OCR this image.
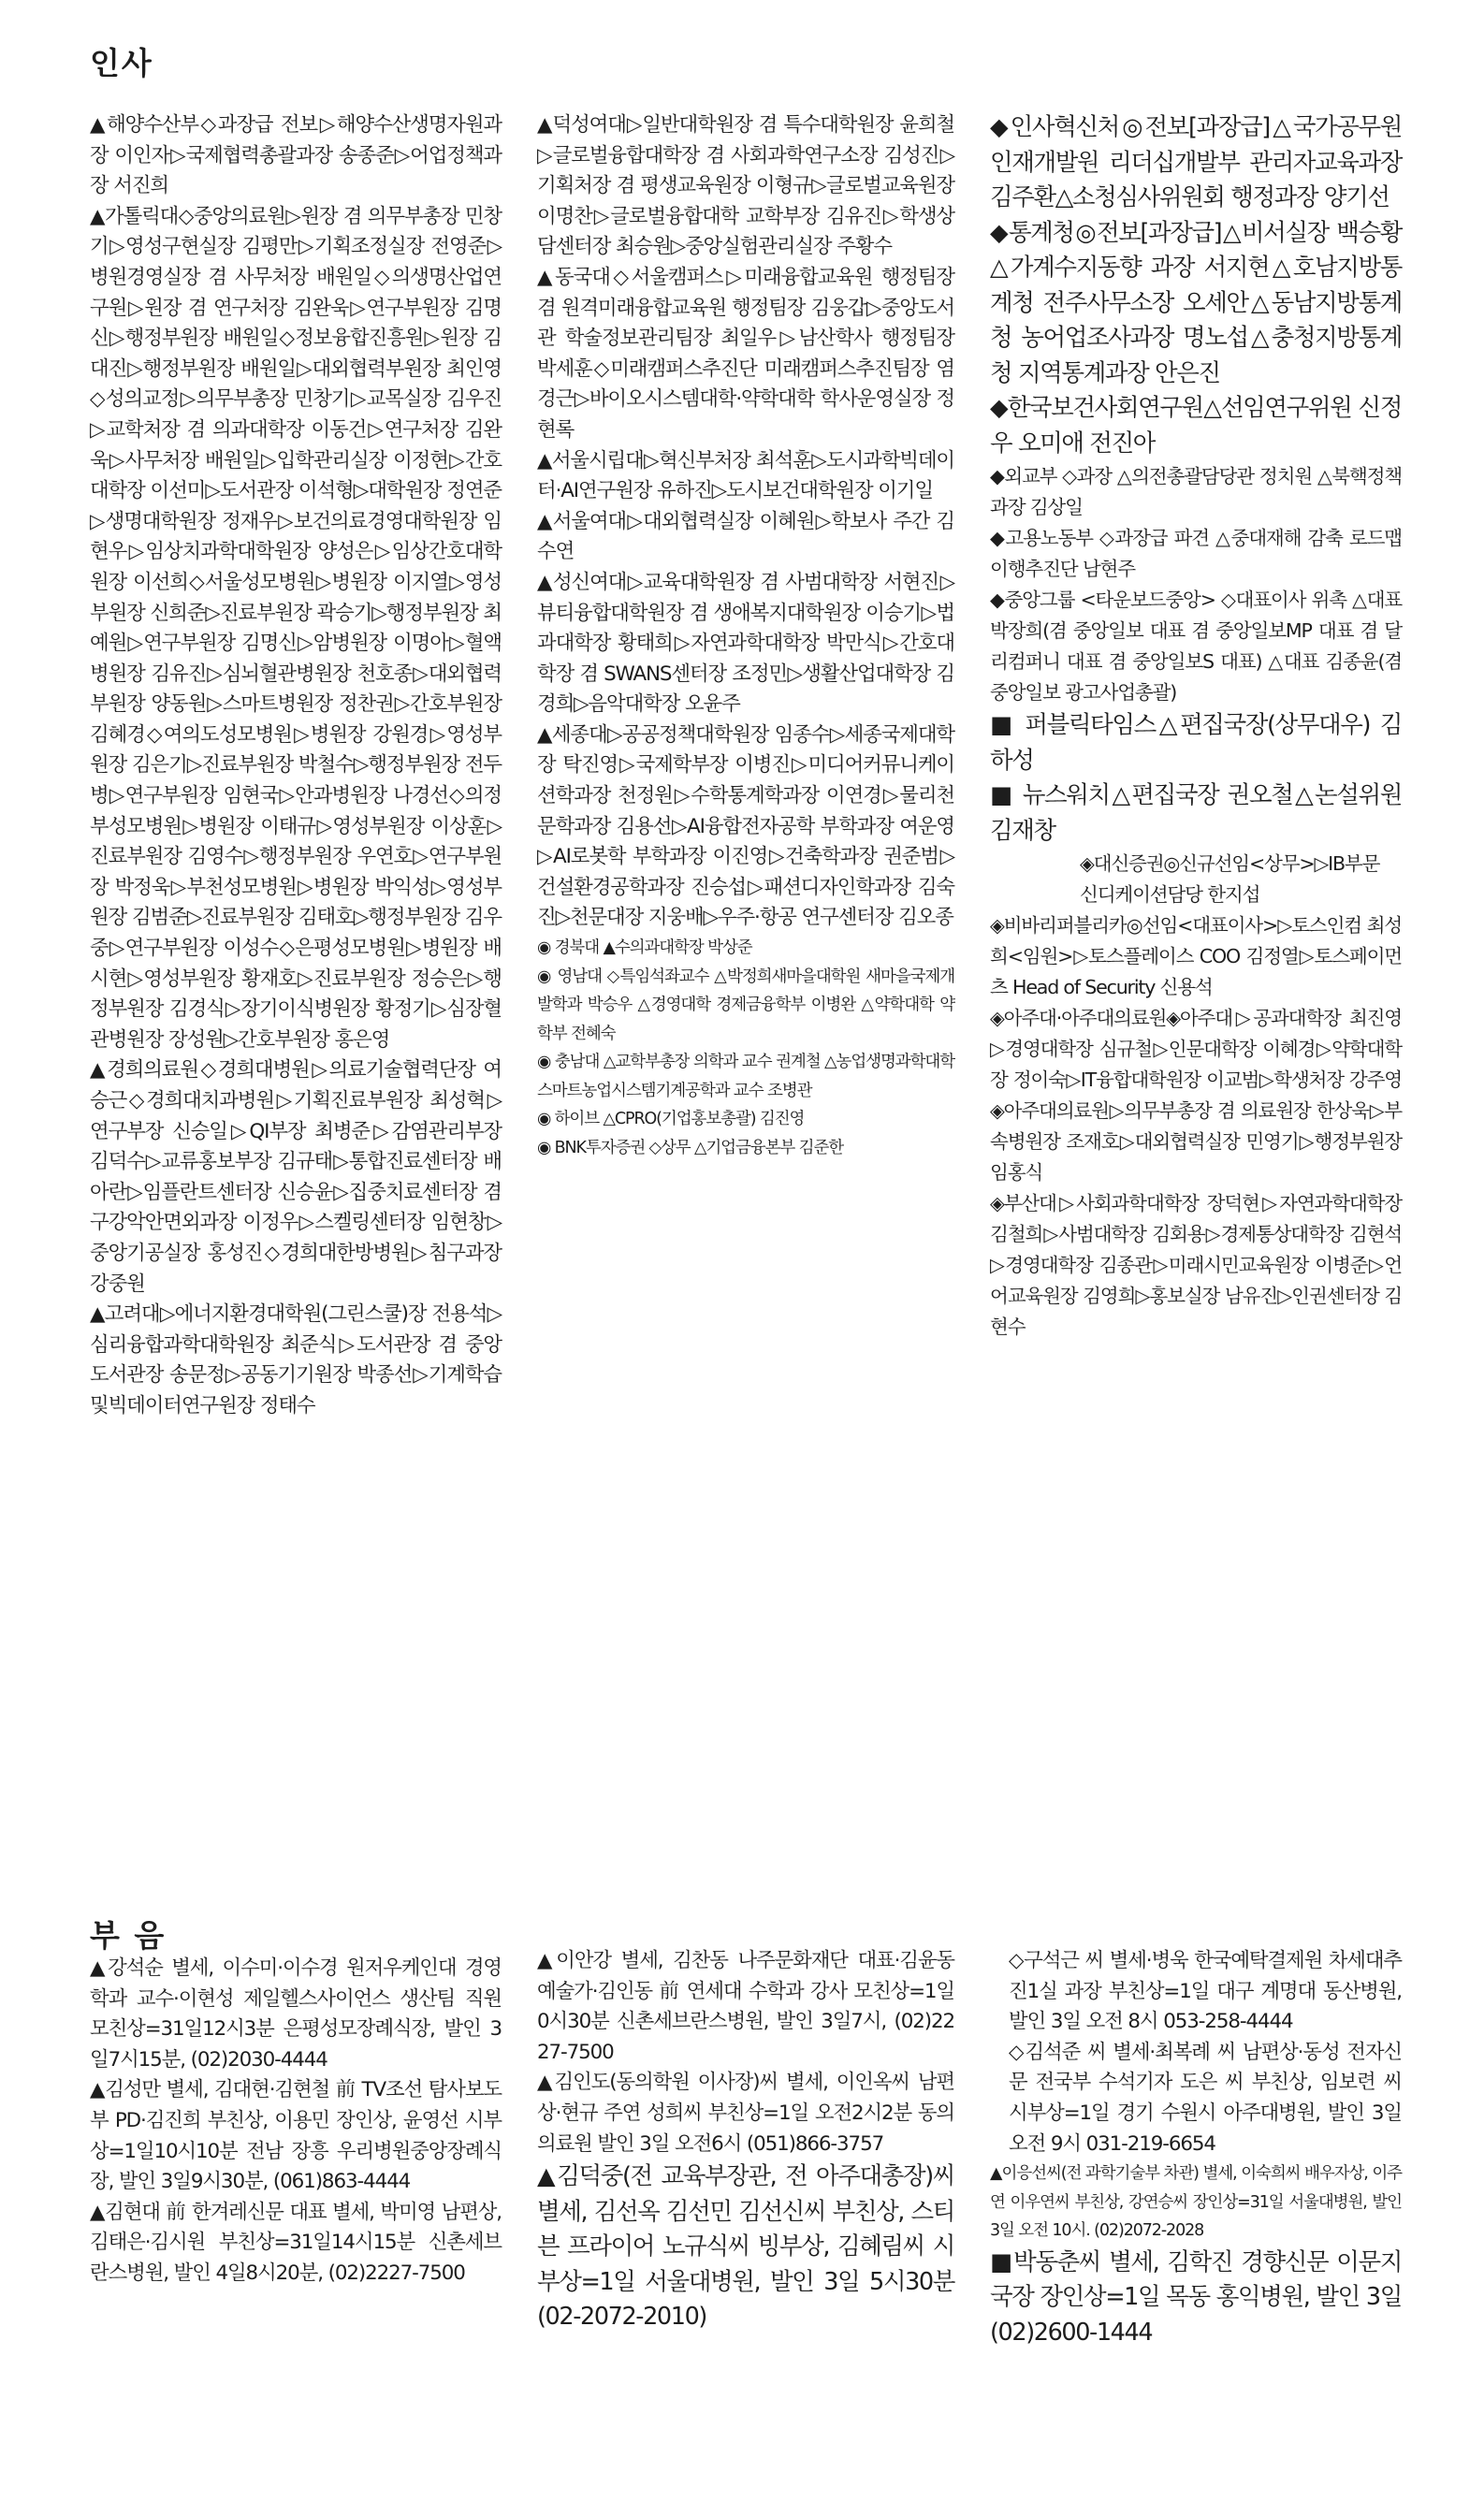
인사

▲해양수산부◇과장급 전보▷해양수산생명자원과장 이인자▷국제협력총괄과장 송종준▷어업정책과장 서진희

▲가톨릭대◇중앙의료원▷원장 겸 의무부총장 민창기▷영성구현실장 김평만▷기획조정실장 전영준▷병원경영실장 겸 사무처장 배원일◇의생명산업연구원▷원장 겸 연구처장 김완욱▷연구부원장 김명신▷행정부원장 배원일◇정보융합진흥원▷원장 김대진▷행정부원장 배원일▷대외협력부원장 최인영◇성의교정▷의무부총장 민창기▷교목실장 김우진▷교학처장 겸 의과대학장 이동건▷연구처장 김완욱▷사무처장 배원일▷입학관리실장 이정현▷간호대학장 이선미▷도서관장 이석형▷대학원장 정연준▷생명대학원장 정재우▷보건의료경영대학원장 임현우▷임상치과학대학원장 양성은▷임상간호대학원장 이선희◇서울성모병원▷병원장 이지열▷영성부원장 신희준▷진료부원장 곽승기▷행정부원장 최예원▷연구부원장 김명신▷암병원장 이명아▷혈액병원장 김유진▷심뇌혈관병원장 천호종▷대외협력부원장 양동원▷스마트병원장 정찬권▷간호부원장 김혜경◇여의도성모병원▷병원장 강원경▷영성부원장 김은기▷진료부원장 박철수▷행정부원장 전두병▷연구부원장 임현국▷안과병원장 나경선◇의정부성모병원▷병원장 이태규▷영성부원장 이상훈▷진료부원장 김영수▷행정부원장 우연호▷연구부원장 박정욱▷부천성모병원▷병원장 박익성▷영성부원장 김범준▷진료부원장 김태호▷행정부원장 김우중▷연구부원장 이성수◇은평성모병원▷병원장 배시현▷영성부원장 황재호▷진료부원장 정승은▷행정부원장 김경식▷장기이식병원장 황정기▷심장혈관병원장 장성원▷간호부원장 홍은영

▲경희의료원◇경희대병원▷의료기술협력단장 여승근◇경희대치과병원▷기획진료부원장 최성혁▷연구부장 신승일▷QI부장 최병준▷감염관리부장 김덕수▷교류홍보부장 김규태▷통합진료센터장 배아란▷임플란트센터장 신승윤▷집중치료센터장 겸 구강악안면외과장 이정우▷스켈링센터장 임현창▷중앙기공실장 홍성진◇경희대한방병원▷침구과장 강중원

▲고려대▷에너지환경대학원(그린스쿨)장 전용석▷심리융합과학대학원장 최준식▷도서관장 겸 중앙도서관장 송문정▷공동기기원장 박종선▷기계학습및빅데이터연구원장 정태수

▲덕성여대▷일반대학원장 겸 특수대학원장 윤희철▷글로벌융합대학장 겸 사회과학연구소장 김성진▷기획처장 겸 평생교육원장 이형규▷글로벌교육원장 이명찬▷글로벌융합대학 교학부장 김유진▷학생상담센터장 최승원▷중앙실험관리실장 주황수

▲동국대◇서울캠퍼스▷미래융합교육원 행정팀장 겸 원격미래융합교육원 행정팀장 김웅갑▷중앙도서관 학술정보관리팀장 최일우▷남산학사 행정팀장 박세훈◇미래캠퍼스추진단 미래캠퍼스추진팀장 염경근▷바이오시스템대학·약학대학 학사운영실장 정현록

▲서울시립대▷혁신부처장 최석훈▷도시과학빅데이터·AI연구원장 유하진▷도시보건대학원장 이기일

▲서울여대▷대외협력실장 이혜원▷학보사 주간 김수연

▲성신여대▷교육대학원장 겸 사범대학장 서현진▷뷰티융합대학원장 겸 생애복지대학원장 이승기▷법과대학장 황태희▷자연과학대학장 박만식▷간호대학장 겸 SWANS센터장 조정민▷생활산업대학장 김경희▷음악대학장 오윤주

▲세종대▷공공정책대학원장 임종수▷세종국제대학장 탁진영▷국제학부장 이병진▷미디어커뮤니케이션학과장 천정원▷수학통계학과장 이연경▷물리천문학과장 김용선▷AI융합전자공학 부학과장 여운영▷AI로봇학 부학과장 이진영▷건축학과장 권준범▷건설환경공학과장 진승섭▷패션디자인학과장 김숙진▷천문대장 지웅배▷우주·항공 연구센터장 김오종

◉ 경북대 ▲수의과대학장 박상준

◉ 영남대 ◇특임석좌교수 △박정희새마을대학원 새마을국제개발학과 박승우 △경영대학 경제금융학부 이병완 △약학대학 약학부 전혜숙

◉ 충남대 △교학부총장 의학과 교수 권계철 △농업생명과학대학 스마트농업시스템기계공학과 교수 조병관

◉ 하이브 △CPRO(기업홍보총괄) 김진영

◉ BNK투자증권 ◇상무 △기업금융본부 김준한

◆인사혁신처◎전보[과장급]△국가공무원인재개발원 리더십개발부 관리자교육과장 김주환△소청심사위원회 행정과장 양기선

◆통계청◎전보[과장급]△비서실장 백승황△가계수지동향 과장 서지현△호남지방통계청 전주사무소장 오세안△동남지방통계청 농어업조사과장 명노섭△충청지방통계청 지역통계과장 안은진

◆한국보건사회연구원△선임연구위원 신정우 오미애 전진아

◆외교부 ◇과장 △의전총괄담당관 정치원 △북핵정책과장 김상일

◆고용노동부 ◇과장급 파견 △중대재해 감축 로드맵 이행추진단 남현주

◆중앙그룹 <타운보드중앙> ◇대표이사 위촉 △대표 박장희(겸 중앙일보 대표 겸 중앙일보MP 대표 겸 달리컴퍼니 대표 겸 중앙일보S 대표) △대표 김종윤(겸 중앙일보 광고사업총괄)

■ 퍼블릭타임스△편집국장(상무대우) 김하성

■ 뉴스워치△편집국장 권오철△논설위원 김재창

◈대신증권◎신규선임<상무>▷IB부문 신디케이션담당 한지섭

◈비바리퍼블리카◎선임<대표이사>▷토스인컴 최성희<임원>▷토스플레이스 COO 김정열▷토스페이먼츠 Head of Security 신용석

◈아주대·아주대의료원◈아주대▷공과대학장 최진영▷경영대학장 심규철▷인문대학장 이혜경▷약학대학장 정이숙▷IT융합대학원장 이교범▷학생처장 강주영◈아주대의료원▷의무부총장 겸 의료원장 한상욱▷부속병원장 조재호▷대외협력실장 민영기▷행정부원장 임홍식

◈부산대▷사회과학대학장 장덕현▷자연과학대학장 김철희▷사범대학장 김회용▷경제통상대학장 김현석▷경영대학장 김종관▷미래시민교육원장 이병준▷언어교육원장 김영희▷홍보실장 남유진▷인권센터장 김현수

부 음

▲강석순 별세, 이수미·이수경 원저우케인대 경영학과 교수·이현성 제일헬스사이언스 생산팀 직원 모친상=31일12시3분 은평성모장례식장, 발인 3일7시15분, (02)2030-4444

▲김성만 별세, 김대현·김현철 前 TV조선 탐사보도부 PD·김진희 부친상, 이용민 장인상, 윤영선 시부상=1일10시10분 전남 장흥 우리병원중앙장례식장, 발인 3일9시30분, (061)863-4444

▲김현대 前 한겨레신문 대표 별세, 박미영 남편상, 김태은·김시원 부친상=31일14시15분 신촌세브란스병원, 발인 4일8시20분, (02)2227-7500

▲이안강 별세, 김찬동 나주문화재단 대표·김윤동 예술가·김인동 前 연세대 수학과 강사 모친상=1일0시30분 신촌세브란스병원, 발인 3일7시, (02)2227-7500

▲김인도(동의학원 이사장)씨 별세, 이인옥씨 남편상·현규 주연 성희씨 부친상=1일 오전2시2분 동의의료원 발인 3일 오전6시 (051)866-3757

▲김덕중(전 교육부장관, 전 아주대총장)씨 별세, 김선옥 김선민 김선신씨 부친상, 스티븐 프라이어 노규식씨 빙부상, 김혜림씨 시부상=1일 서울대병원, 발인 3일 5시30분(02-2072-2010)

◇구석근 씨 별세·병욱 한국예탁결제원 차세대추진1실 과장 부친상=1일 대구 계명대 동산병원, 발인 3일 오전 8시 053-258-4444

◇김석준 씨 별세·최복례 씨 남편상·동성 전자신문 전국부 수석기자 도은 씨 부친상, 임보련 씨 시부상=1일 경기 수원시 아주대병원, 발인 3일 오전 9시 031-219-6654

▲이응선씨(전 과학기술부 차관) 별세, 이숙희씨 배우자상, 이주연 이우연씨 부친상, 강연승씨 장인상=31일 서울대병원, 발인 3일 오전 10시. (02)2072-2028

■박동춘씨 별세, 김학진 경향신문 이문지국장 장인상=1일 목동 홍익병원, 발인 3일 (02)2600-1444
